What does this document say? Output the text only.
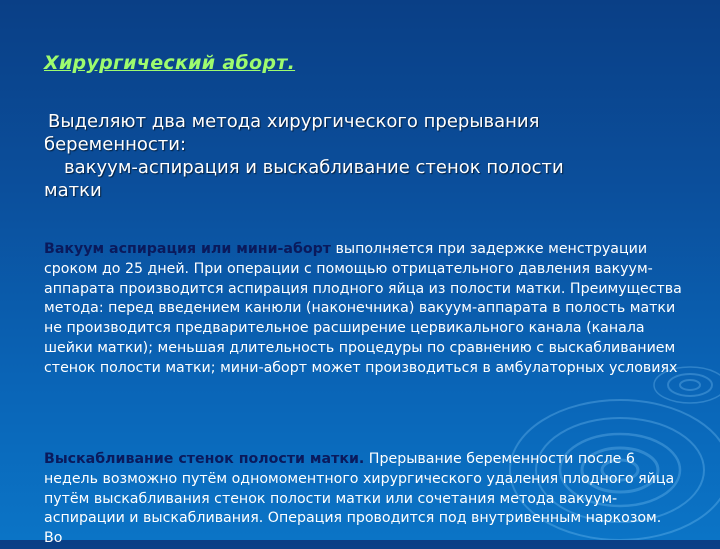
Хирургический аборт.
Выделяют два метода хирургического прерывания
беременности:
вакуум-аспирация и выскабливание стенок полости
матки
Вакуум аспирация или мини-аборт выполняется при задержке менструации сроком до 25 дней. При операции с помощью отрицательного давления вакуум-аппарата производится аспирация плодного яйца из полости матки. Преимущества метода: перед введением канюли (наконечника) вакуум-аппарата в полость матки не производится предварительное расширение цервикального канала (канала шейки матки); меньшая длительность процедуры по сравнению с выскабливанием стенок полости матки; мини-аборт может производиться в амбулаторных условиях
Выскабливание стенок полости матки. Прерывание беременности после 6 недель возможно путём одномоментного хирургического удаления плодного яйца путём выскабливания стенок полости матки или сочетания метода вакуум-аспирации и выскабливания. Операция проводится под внутривенным наркозом. Во
